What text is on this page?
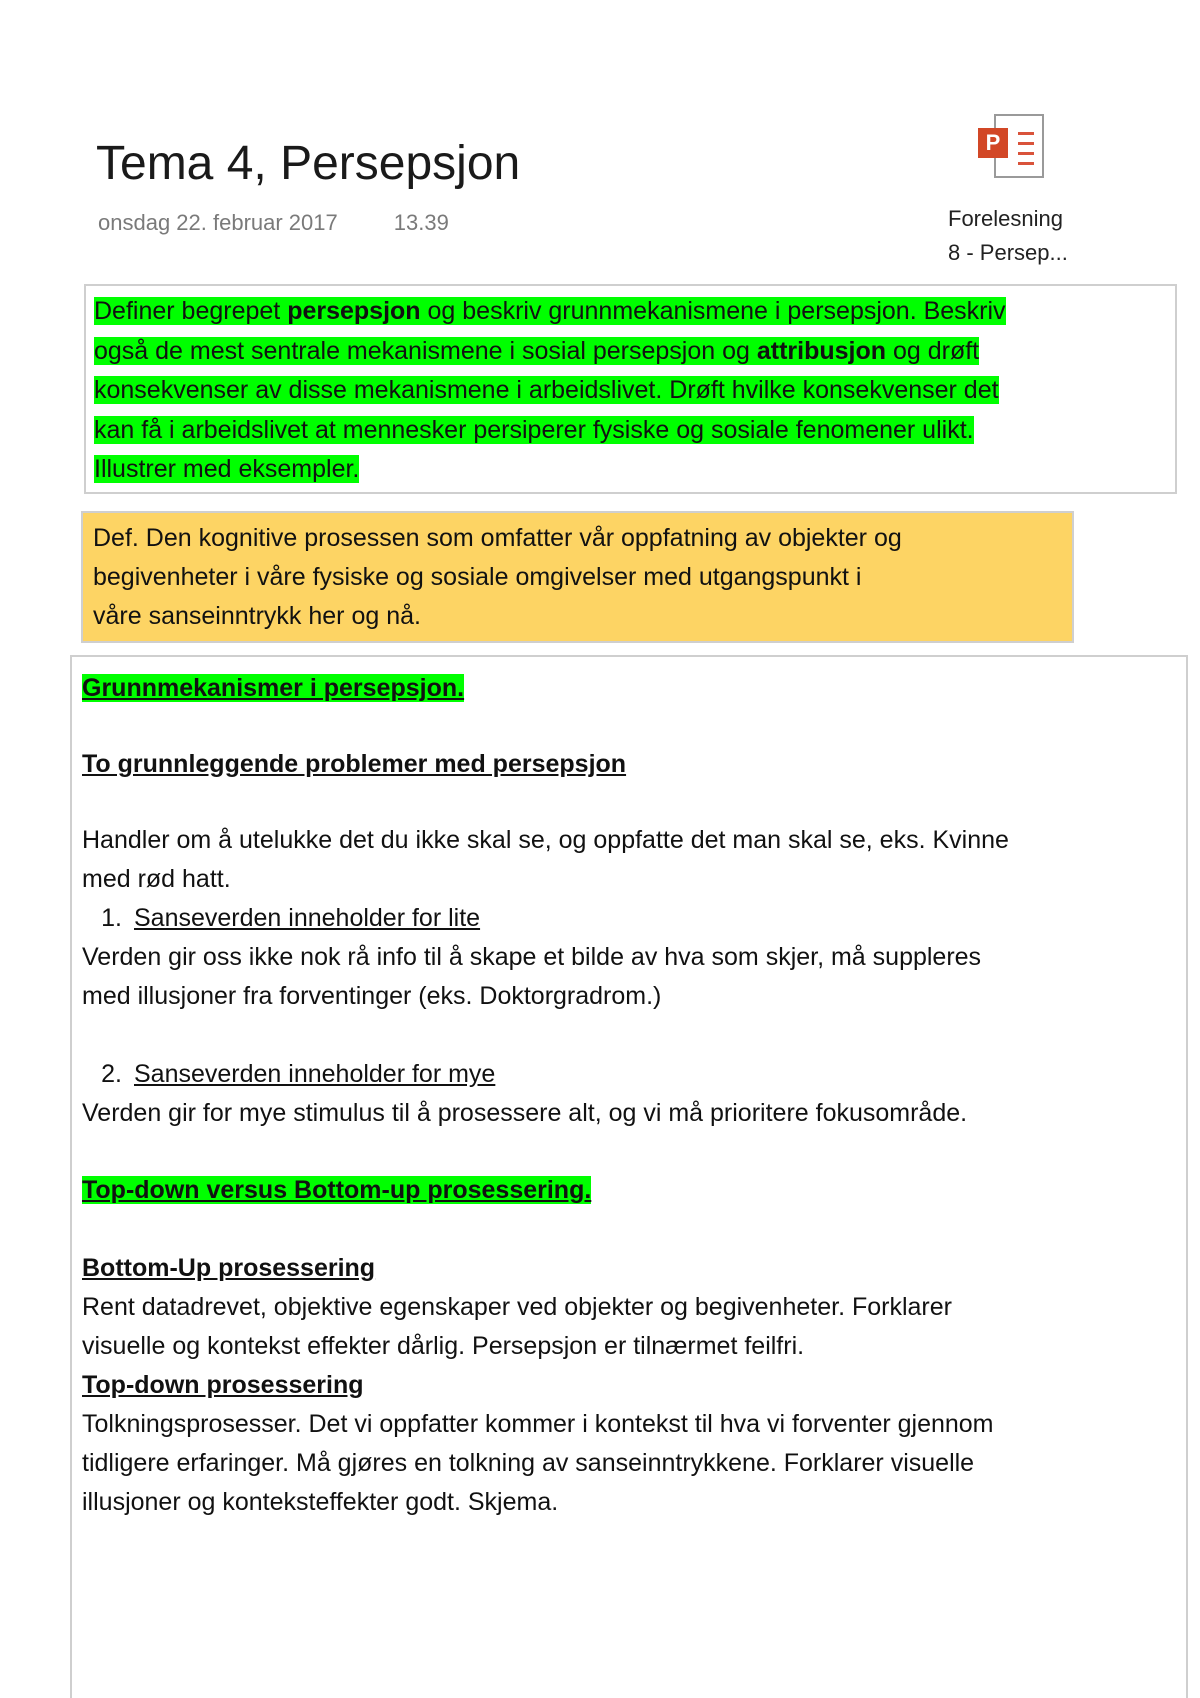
Tema 4, Persepsjon
onsdag 22. februar 2017	13.39
P
Forelesning
8 - Persep...
Definer begrepet persepsjon og beskriv grunnmekanismene i persepsjon. Beskriv
også de mest sentrale mekanismene i sosial persepsjon og attribusjon og drøft
konsekvenser av disse mekanismene i arbeidslivet. Drøft hvilke konsekvenser det
kan få i arbeidslivet at mennesker persiperer fysiske og sosiale fenomener ulikt.
Illustrer med eksempler.
Def. Den kognitive prosessen som omfatter vår oppfatning av objekter og
begivenheter i våre fysiske og sosiale omgivelser med utgangspunkt i
våre sanseinntrykk her og nå.
Grunnmekanismer i persepsjon.
To grunnleggende problemer med persepsjon
Handler om å utelukke det du ikke skal se, og oppfatte det man skal se, eks. Kvinne
med rød hatt.
1. Sanseverden inneholder for lite
Verden gir oss ikke nok rå info til å skape et bilde av hva som skjer, må suppleres
med illusjoner fra forventinger (eks. Doktorgradrom.)
2. Sanseverden inneholder for mye
Verden gir for mye stimulus til å prosessere alt, og vi må prioritere fokusområde.
Top-down versus Bottom-up prosessering.
Bottom-Up prosessering
Rent datadrevet, objektive egenskaper ved objekter og begivenheter. Forklarer
visuelle og kontekst effekter dårlig. Persepsjon er tilnærmet feilfri.
Top-down prosessering
Tolkningsprosesser. Det vi oppfatter kommer i kontekst til hva vi forventer gjennom
tidligere erfaringer. Må gjøres en tolkning av sanseinntrykkene. Forklarer visuelle
illusjoner og konteksteffekter godt. Skjema.
